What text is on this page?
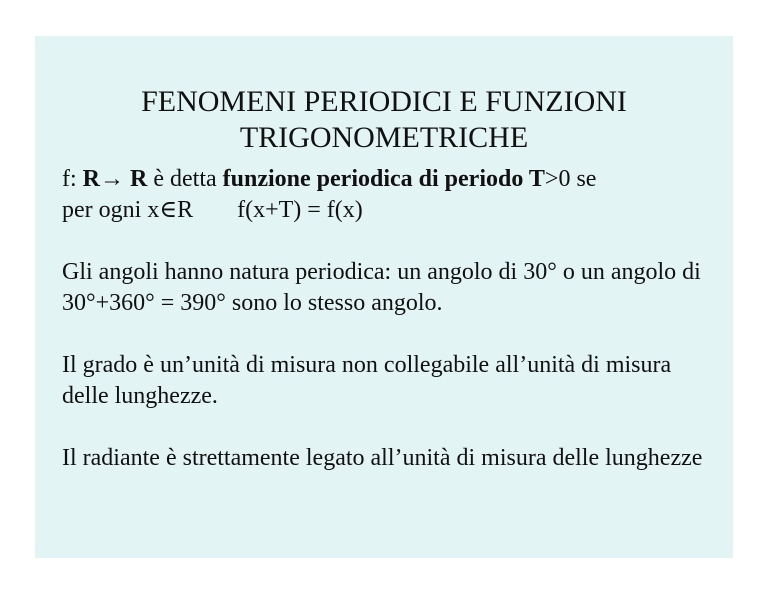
FENOMENI PERIODICI E FUNZIONI
TRIGONOMETRICHE
f: R→ R è detta funzione periodica di periodo T>0 se
per ogni x∈R f(x+T) = f(x)

Gli angoli hanno natura periodica: un angolo di 30° o un angolo di 30°+360° = 390° sono lo stesso angolo.

Il grado è un’unità di misura non collegabile all’unità di misura delle lunghezze.

Il radiante è strettamente legato all’unità di misura delle lunghezze
